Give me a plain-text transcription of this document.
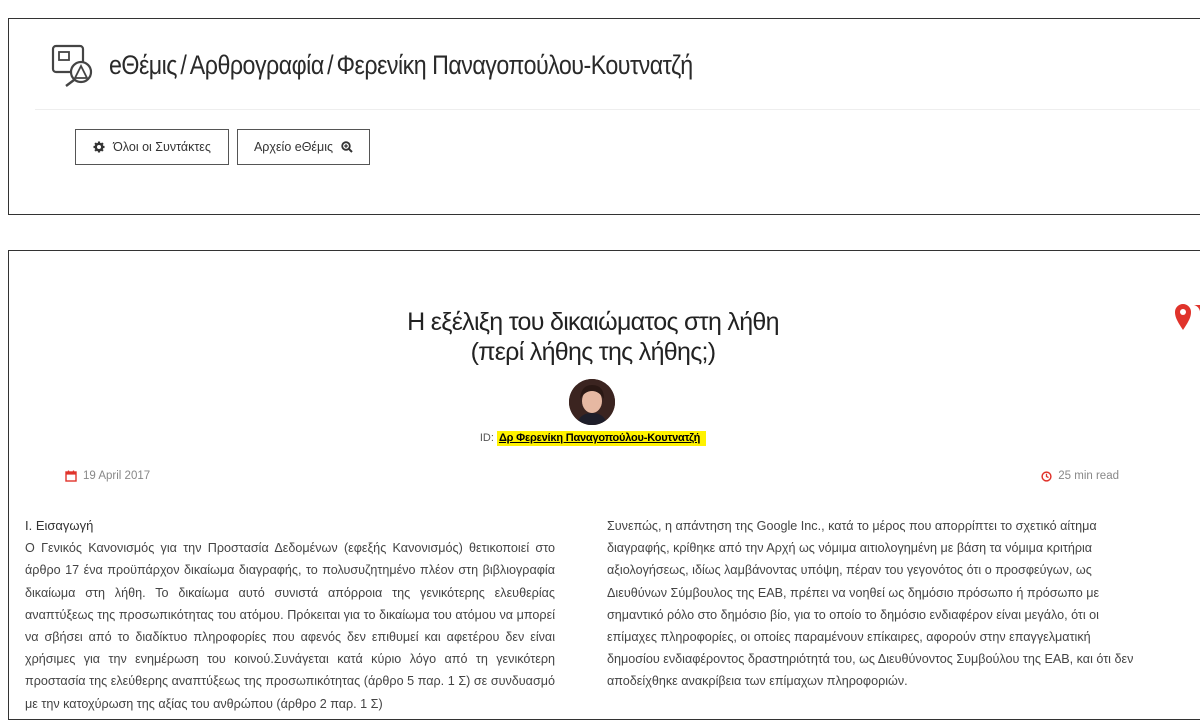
eΘέμις / Αρθρογραφία / Φερενίκη Παναγοπούλου-Κουτνατζή
Όλοι οι Συντάκτες	Αρχείο eΘέμις
Η εξέλιξη του δικαιώματος στη λήθη
(περί λήθης της λήθης;)
ID: Δρ Φερενίκη Παναγοπούλου-Κουτνατζή
19 April 2017	25 min read
Ι. Εισαγωγή
Ο Γενικός Κανονισμός για την Προστασία Δεδομένων (εφεξής Κανονισμός) θετικοποιεί στο άρθρο 17 ένα προϋπάρχον δικαίωμα διαγραφής, το πολυσυζητημένο πλέον στη βιβλιογραφία δικαίωμα στη λήθη. Το δικαίωμα αυτό συνιστά απόρροια της γενικότερης ελευθερίας αναπτύξεως της προσωπικότητας του ατόμου. Πρόκειται για το δικαίωμα του ατόμου να μπορεί να σβήσει από το διαδίκτυο πληροφορίες που αφενός δεν επιθυμεί και αφετέρου δεν είναι χρήσιμες για την ενημέρωση του κοινού.Συνάγεται κατά κύριο λόγο από τη γενικότερη προστασία της ελεύθερης αναπτύξεως της προσωπικότητας (άρθρο 5 παρ. 1 Σ) σε συνδυασμό με την κατοχύρωση της αξίας του ανθρώπου (άρθρο 2 παρ. 1 Σ)
Συνεπώς, η απάντηση της Google Inc., κατά το μέρος που απορρίπτει το σχετικό αίτημα διαγραφής, κρίθηκε από την Αρχή ως νόμιμα αιτιολογημένη με βάση τα νόμιμα κριτήρια αξιολογήσεως, ιδίως λαμβάνοντας υπόψη, πέραν του γεγονότος ότι ο προσφεύγων, ως Διευθύνων Σύμβουλος της ΕΑΒ, πρέπει να νοηθεί ως δημόσιο πρόσωπο ή πρόσωπο με σημαντικό ρόλο στο δημόσιο βίο, για το οποίο το δημόσιο ενδιαφέρον είναι μεγάλο, ότι οι επίμαχες πληροφορίες, οι οποίες παραμένουν επίκαιρες, αφορούν στην επαγγελματική δημοσίου ενδιαφέροντος δραστηριότητά του, ως Διευθύνοντος Συμβούλου της ΕΑΒ, και ότι δεν αποδείχθηκε ανακρίβεια των επίμαχων πληροφοριών.
